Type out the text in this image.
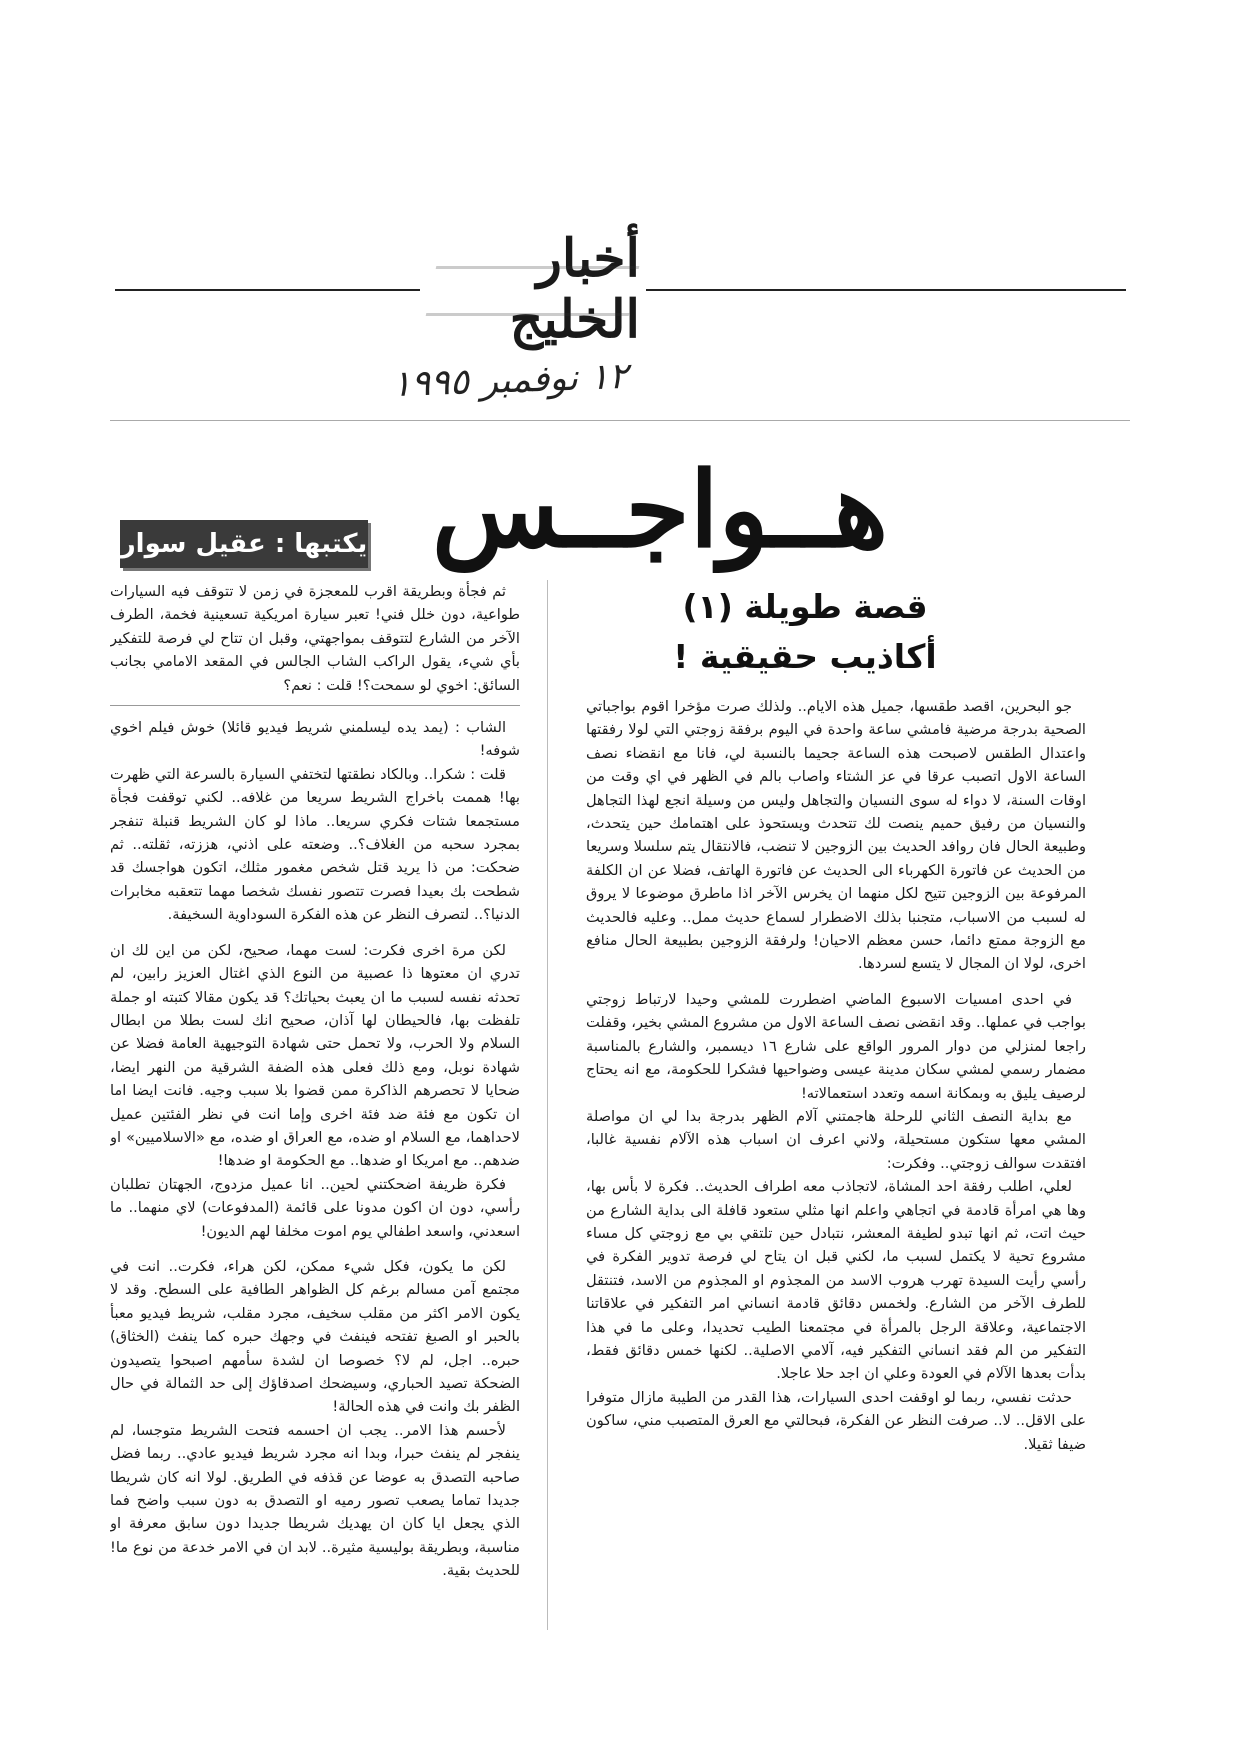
أخبار الخليج
١٢ نوفمبر ١٩٩٥
هــواجــس
يكتبها : عقيل سوار
قصة طويلة (١)
أكاذيب حقيقية !

جو البحرين، اقصد طقسها، جميل هذه الايام.. ولذلك صرت مؤخرا اقوم بواجباتي الصحية بدرجة مرضية فامشي ساعة واحدة في اليوم برفقة زوجتي التي لولا رفقتها واعتدال الطقس لاصبحت هذه الساعة جحيما بالنسبة لي، فانا مع انقضاء نصف الساعة الاول اتصبب عرقا في عز الشتاء واصاب بالم في الظهر في اي وقت من اوقات السنة، لا دواء له سوى النسيان والتجاهل وليس من وسيلة انجع لهذا التجاهل والنسيان من رفيق حميم ينصت لك تتحدث ويستحوذ على اهتمامك حين يتحدث، وطبيعة الحال فان روافد الحديث بين الزوجين لا تنضب، فالانتقال يتم سلسلا وسريعا من الحديث عن فاتورة الكهرباء الى الحديث عن فاتورة الهاتف، فضلا عن ان الكلفة المرفوعة بين الزوجين تتيح لكل منهما ان يخرس الآخر اذا ماطرق موضوعا لا يروق له لسبب من الاسباب، متجنبا بذلك الاضطرار لسماع حديث ممل.. وعليه فالحديث مع الزوجة ممتع دائما، حسن معظم الاحيان! ولرفقة الزوجين بطبيعة الحال منافع اخرى، لولا ان المجال لا يتسع لسردها.

في احدى امسيات الاسبوع الماضي اضطررت للمشي وحيدا لارتباط زوجتي بواجب في عملها.. وقد انقضى نصف الساعة الاول من مشروع المشي بخير، وقفلت راجعا لمنزلي من دوار المرور الواقع على شارع ١٦ ديسمبر، والشارع بالمناسبة مضمار رسمي لمشي سكان مدينة عيسى وضواحيها فشكرا للحكومة، مع انه يحتاج لرصيف يليق به وبمكانة اسمه وتعدد استعمالاته!

مع بداية النصف الثاني للرحلة هاجمتني آلام الظهر بدرجة بدا لي ان مواصلة المشي معها ستكون مستحيلة، ولاني اعرف ان اسباب هذه الآلام نفسية غالبا، افتقدت سوالف زوجتي.. وفكرت:

لعلي، اطلب رفقة احد المشاة، لاتجاذب معه اطراف الحديث.. فكرة لا بأس بها، وها هي امرأة قادمة في اتجاهي واعلم انها مثلي ستعود قافلة الى بداية الشارع من حيث اتت، ثم انها تبدو لطيفة المعشر، نتبادل حين تلتقي بي مع زوجتي كل مساء مشروع تحية لا يكتمل لسبب ما، لكني قبل ان يتاح لي فرصة تدوير الفكرة في رأسي رأيت السيدة تهرب هروب الاسد من المجذوم او المجذوم من الاسد، فتنتقل للطرف الآخر من الشارع. ولخمس دقائق قادمة انساني امر التفكير في علاقاتنا الاجتماعية، وعلاقة الرجل بالمرأة في مجتمعنا الطيب تحديدا، وعلى ما في هذا التفكير من الم فقد انساني التفكير فيه، آلامي الاصلية.. لكنها خمس دقائق فقط، بدأت بعدها الآلام في العودة وعلي ان اجد حلا عاجلا.

حدثت نفسي، ربما لو اوقفت احدى السيارات، هذا القدر من الطيبة مازال متوفرا على الاقل.. لا.. صرفت النظر عن الفكرة، فبحالتي مع العرق المتصبب مني، ساكون ضيفا ثقيلا.

ثم فجأة وبطريقة اقرب للمعجزة في زمن لا تتوقف فيه السيارات طواعية، دون خلل فني! تعبر سيارة امريكية تسعينية فخمة، الطرف الآخر من الشارع لتتوقف بمواجهتي، وقبل ان تتاح لي فرصة للتفكير بأي شيء، يقول الراكب الشاب الجالس في المقعد الامامي بجانب السائق: اخوي لو سمحت؟! قلت : نعم؟

الشاب : (يمد يده ليسلمني شريط فيديو قائلا) خوش فيلم اخوي شوفه!

قلت : شكرا.. وبالكاد نطقتها لتختفي السيارة بالسرعة التي ظهرت بها! هممت باخراج الشريط سريعا من غلافه.. لكني توقفت فجأة مستجمعا شتات فكري سريعا.. ماذا لو كان الشريط قنبلة تنفجر بمجرد سحبه من الغلاف؟.. وضعته على اذني، هززته، ثقلته.. ثم ضحكت: من ذا يريد قتل شخص مغمور مثلك، اتكون هواجسك قد شطحت بك بعيدا فصرت تتصور نفسك شخصا مهما تتعقبه مخابرات الدنيا؟.. لتصرف النظر عن هذه الفكرة السوداوية السخيفة.

لكن مرة اخرى فكرت: لست مهما، صحيح، لكن من اين لك ان تدري ان معتوها ذا عصبية من النوع الذي اغتال العزيز رابين، لم تحدثه نفسه لسبب ما ان يعبث بحياتك؟ قد يكون مقالا كتبته او جملة تلفظت بها، فالحيطان لها آذان، صحيح انك لست بطلا من ابطال السلام ولا الحرب، ولا تحمل حتى شهادة التوجيهية العامة فضلا عن شهادة نوبل، ومع ذلك فعلى هذه الضفة الشرقية من النهر ايضا، ضحايا لا تحصرهم الذاكرة ممن قضوا بلا سبب وجيه. فانت ايضا اما ان تكون مع فئة ضد فئة اخرى وإما انت في نظر الفئتين عميل لاحداهما، مع السلام او ضده، مع العراق او ضده، مع «الاسلاميين» او ضدهم.. مع امريكا او ضدها.. مع الحكومة او ضدها!

فكرة ظريفة اضحكتني لحين.. انا عميل مزدوج، الجهتان تطلبان رأسي، دون ان اكون مدونا على قائمة (المدفوعات) لاي منهما.. ما اسعدني، واسعد اطفالي يوم اموت مخلفا لهم الديون!

لكن ما يكون، فكل شيء ممكن، لكن هراء، فكرت.. انت في مجتمع آمن مسالم برغم كل الظواهر الطافية على السطح. وقد لا يكون الامر اكثر من مقلب سخيف، مجرد مقلب، شريط فيديو معبأ بالحبر او الصبغ تفتحه فينفث في وجهك حبره كما ينفث (الخثاق) حبره.. اجل، لم لا؟ خصوصا ان لشدة سأمهم اصبحوا يتصيدون الضحكة تصيد الحباري، وسيضحك اصدقاؤك إلى حد الثمالة في حال الظفر بك وانت في هذه الحالة!

لأحسم هذا الامر.. يجب ان احسمه فتحت الشريط متوجسا، لم ينفجر لم ينفث حبرا، وبدا انه مجرد شريط فيديو عادي.. ربما فضل صاحبه التصدق به عوضا عن قذفه في الطريق. لولا انه كان شريطا جديدا تماما يصعب تصور رميه او التصدق به دون سبب واضح فما الذي يجعل ايا كان ان يهديك شريطا جديدا دون سابق معرفة او مناسبة، وبطريقة بوليسية مثيرة.. لابد ان في الامر خدعة من نوع ما! للحديث بقية.
